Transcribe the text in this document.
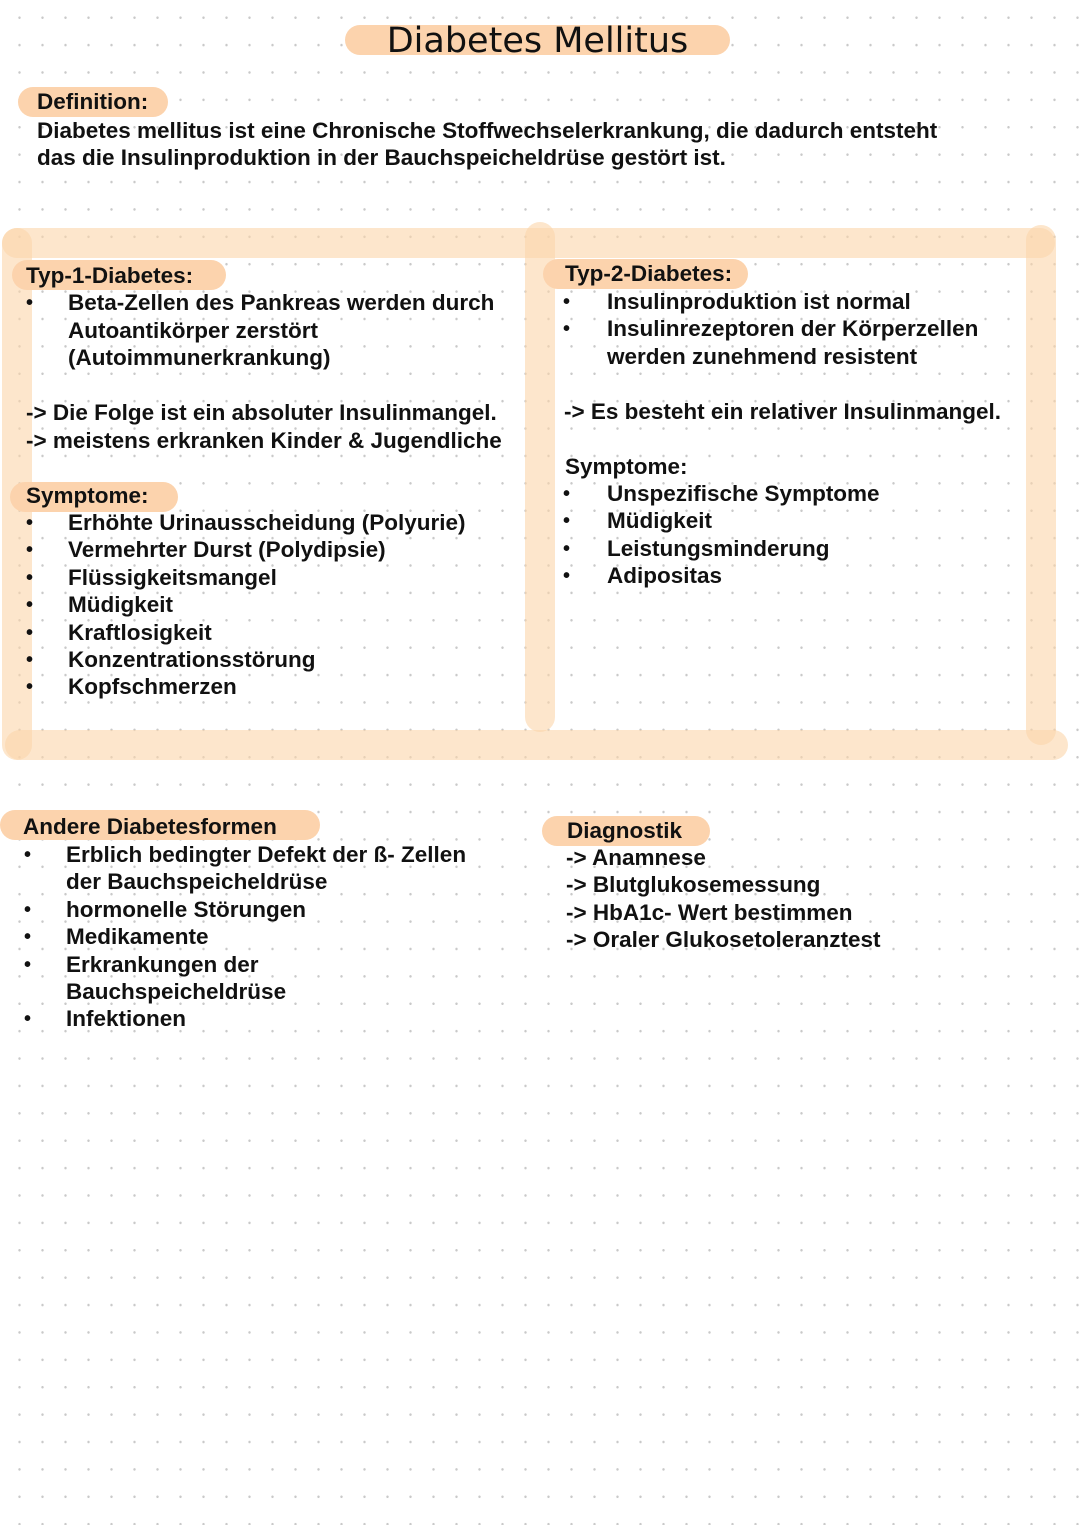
Diabetes Mellitus
Definition:
Diabetes mellitus ist eine Chronische Stoffwechselerkrankung, die dadurch entsteht
das die Insulinproduktion in der Bauchspeicheldrüse gestört ist.
Typ-1-Diabetes:
• Beta-Zellen des Pankreas werden durch
Autoantikörper zerstört
(Autoimmunerkrankung)
-> Die Folge ist ein absoluter Insulinmangel.
-> meistens erkranken Kinder & Jugendliche
Symptome:
• Erhöhte Urinausscheidung (Polyurie)
• Vermehrter Durst (Polydipsie)
• Flüssigkeitsmangel
• Müdigkeit
• Kraftlosigkeit
• Konzentrationsstörung
• Kopfschmerzen
Typ-2-Diabetes:
• Insulinproduktion ist normal
• Insulinrezeptoren der Körperzellen
werden zunehmend resistent
-> Es besteht ein relativer Insulinmangel.
Symptome:
• Unspezifische Symptome
• Müdigkeit
• Leistungsminderung
• Adipositas
Andere Diabetesformen
• Erblich bedingter Defekt der ß- Zellen
der Bauchspeicheldrüse
• hormonelle Störungen
• Medikamente
• Erkrankungen der
Bauchspeicheldrüse
• Infektionen
Diagnostik
-> Anamnese
-> Blutglukosemessung
-> HbA1c- Wert bestimmen
-> Oraler Glukosetoleranztest
